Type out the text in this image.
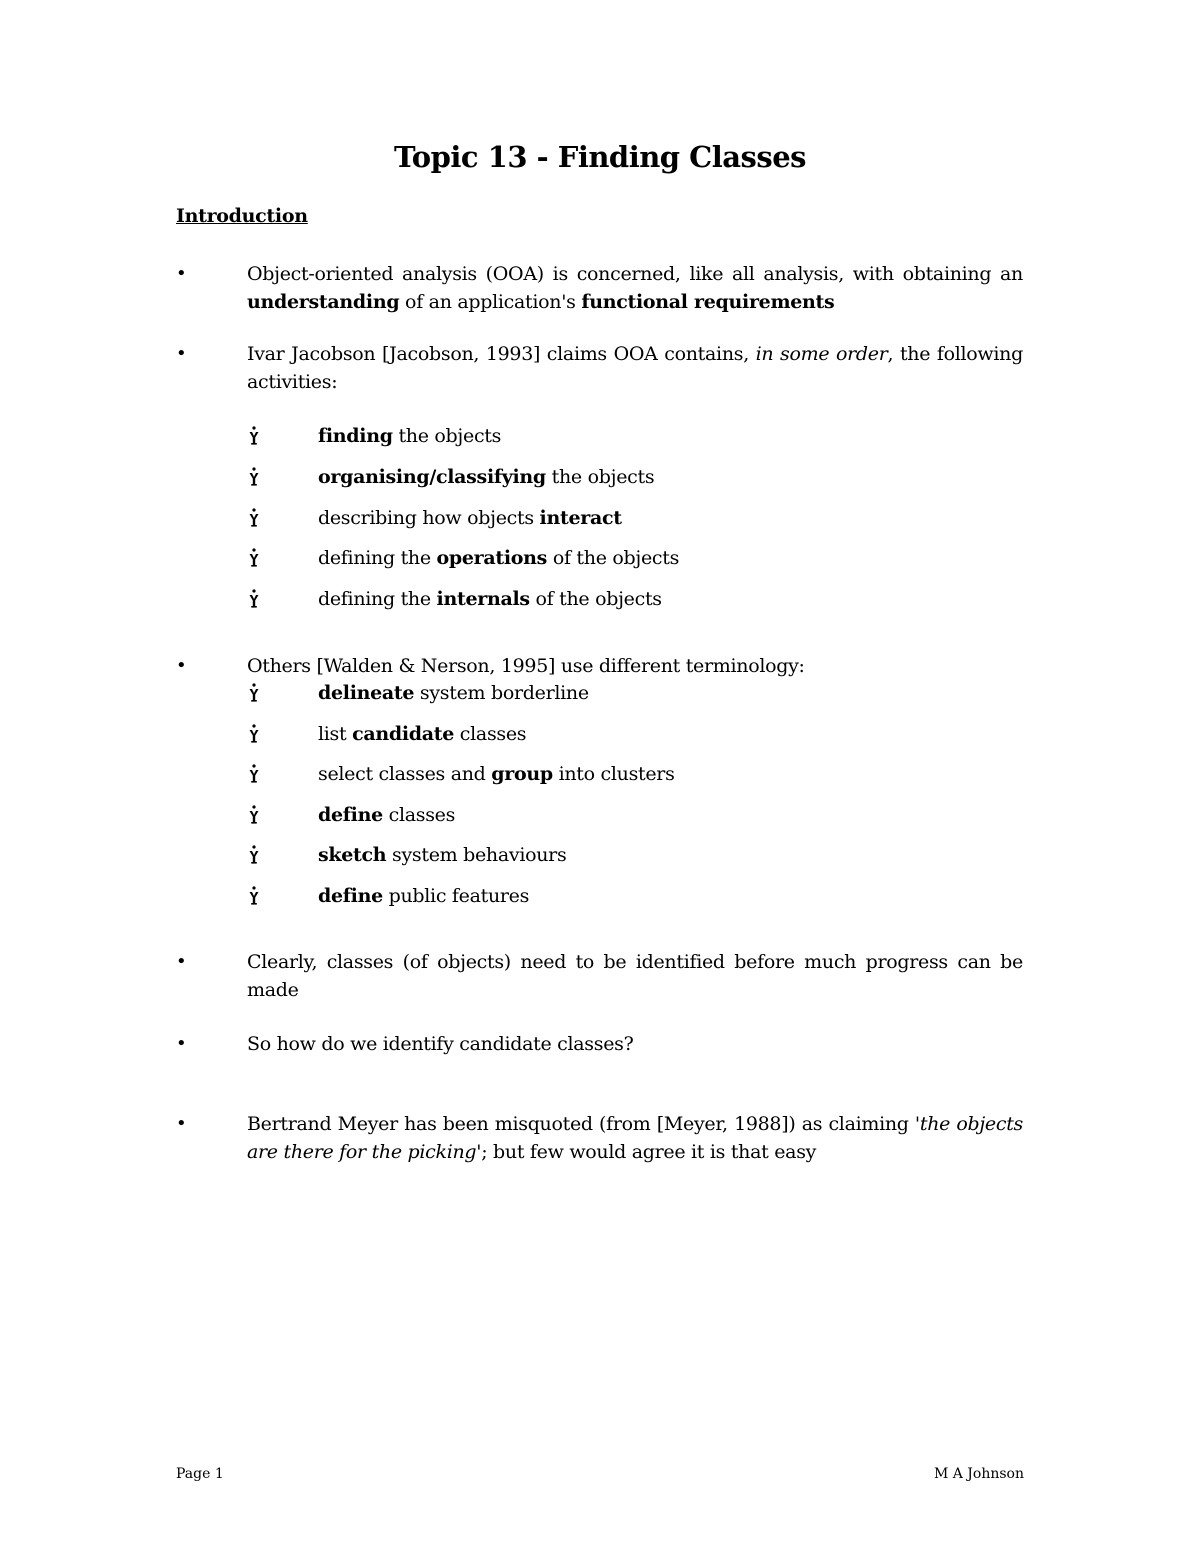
Topic 13 - Finding Classes
Introduction
•	Object-oriented analysis (OOA) is concerned, like all analysis, with obtaining an understanding of an application's functional requirements
•	Ivar Jacobson [Jacobson, 1993] claims OOA contains, in some order, the following activities:
finding the objects
organising/classifying the objects
describing how objects interact
defining the operations of the objects
defining the internals of the objects
•	Others [Walden & Nerson, 1995] use different terminology:
delineate system borderline
list candidate classes
select classes and group into clusters
define classes
sketch system behaviours
define public features
•	Clearly, classes (of objects) need to be identified before much progress can be made
•	So how do we identify candidate classes?
•	Bertrand Meyer has been misquoted (from [Meyer, 1988]) as claiming 'the objects are there for the picking'; but few would agree it is that easy
Page 1	M A Johnson
